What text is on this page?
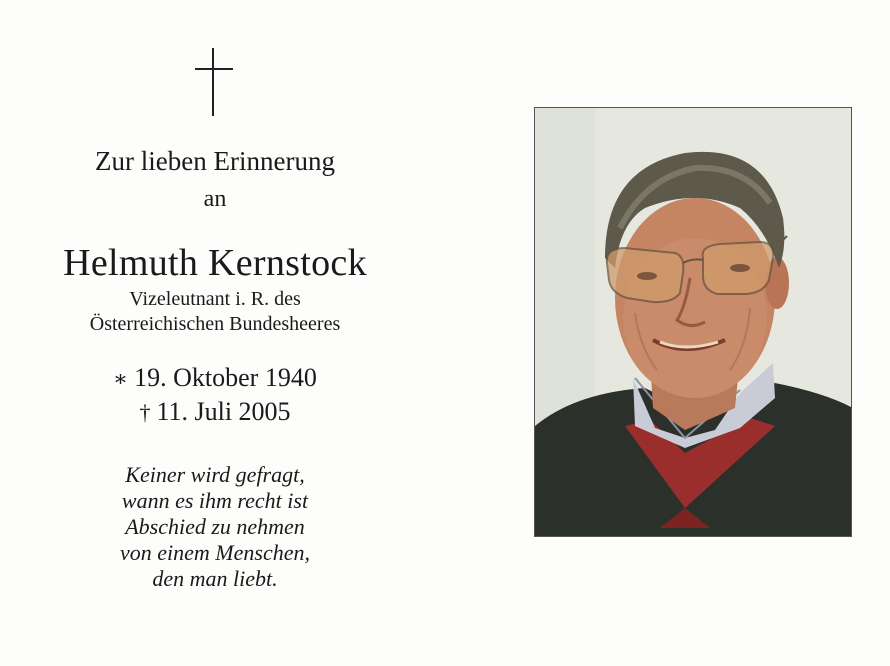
Zur lieben Erinnerung
an
Helmuth Kernstock
Vizeleutnant i. R. des
Österreichischen Bundesheeres
∗ 19. Oktober 1940
† 11. Juli 2005
Keiner wird gefragt,
wann es ihm recht ist
Abschied zu nehmen
von einem Menschen,
den man liebt.
